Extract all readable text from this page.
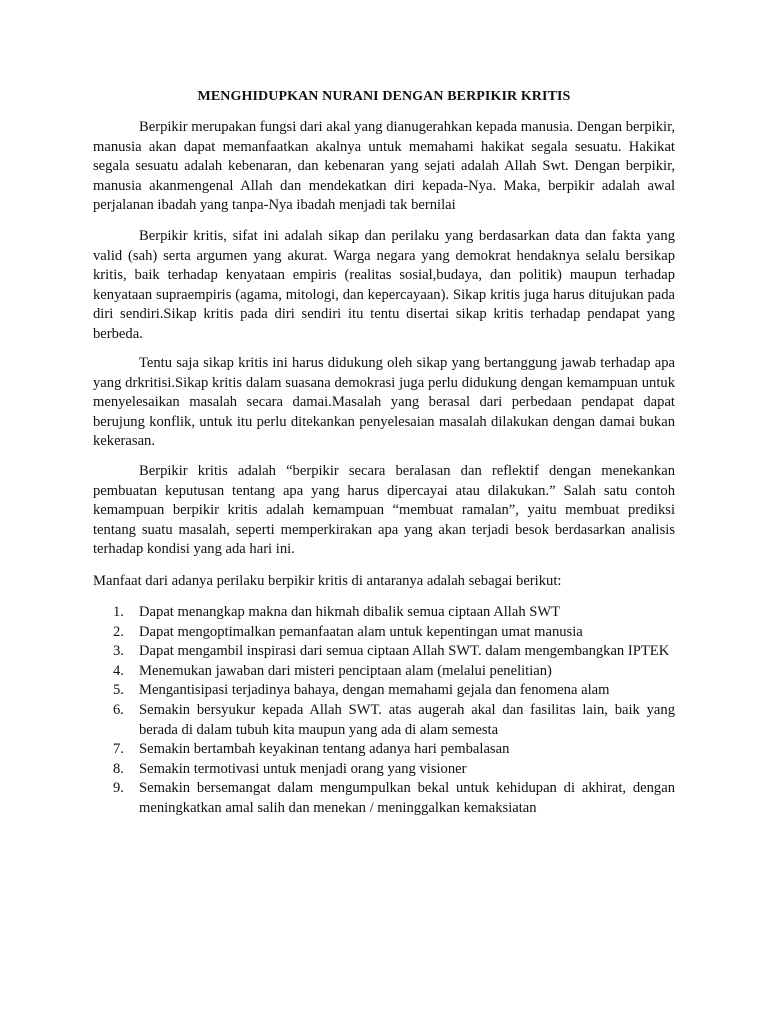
MENGHIDUPKAN NURANI DENGAN BERPIKIR KRITIS

Berpikir merupakan fungsi dari akal yang dianugerahkan kepada manusia. Dengan berpikir, manusia akan dapat memanfaatkan akalnya untuk memahami hakikat segala sesuatu. Hakikat segala sesuatu adalah kebenaran, dan kebenaran yang sejati adalah Allah Swt. Dengan berpikir, manusia akanmengenal Allah dan mendekatkan diri kepada-Nya. Maka, berpikir adalah awal perjalanan ibadah yang tanpa-Nya ibadah menjadi tak bernilai

Berpikir kritis, sifat ini adalah sikap dan perilaku yang berdasarkan data dan fakta yang valid (sah) serta argumen yang akurat. Warga negara yang demokrat hendaknya selalu bersikap kritis, baik terhadap kenyataan empiris (realitas sosial,budaya, dan politik) maupun terhadap kenyataan supraempiris (agama, mitologi, dan kepercayaan). Sikap kritis juga harus ditujukan pada diri sendiri.Sikap kritis pada diri sendiri itu tentu disertai sikap kritis terhadap pendapat yang berbeda.

Tentu saja sikap kritis ini harus didukung oleh sikap yang bertanggung jawab terhadap apa yang drkritisi.Sikap kritis dalam suasana demokrasi juga perlu didukung dengan kemampuan untuk menyelesaikan masalah secara damai.Masalah yang berasal dari perbedaan pendapat dapat berujung konflik, untuk itu perlu ditekankan penyelesaian masalah dilakukan dengan damai bukan kekerasan.

Berpikir kritis adalah “berpikir secara beralasan dan reflektif dengan menekankan pembuatan keputusan tentang apa yang harus dipercayai atau dilakukan.” Salah satu contoh kemampuan berpikir kritis adalah kemampuan “membuat ramalan”, yaitu membuat prediksi tentang suatu masalah, seperti memperkirakan apa yang akan terjadi besok berdasarkan analisis terhadap kondisi yang ada hari ini.

Manfaat dari adanya perilaku berpikir kritis di antaranya adalah sebagai berikut:

1. Dapat menangkap makna dan hikmah dibalik semua ciptaan Allah SWT
2. Dapat mengoptimalkan pemanfaatan alam untuk kepentingan umat manusia
3. Dapat mengambil inspirasi dari semua ciptaan Allah SWT. dalam mengembangkan IPTEK
4. Menemukan jawaban dari misteri penciptaan alam (melalui penelitian)
5. Mengantisipasi terjadinya bahaya, dengan memahami gejala dan fenomena alam
6. Semakin bersyukur kepada Allah SWT. atas augerah akal dan fasilitas lain, baik yang berada di dalam tubuh kita maupun yang ada di alam semesta
7. Semakin bertambah keyakinan tentang adanya hari pembalasan
8. Semakin termotivasi untuk menjadi orang yang visioner
9. Semakin bersemangat dalam mengumpulkan bekal untuk kehidupan di akhirat, dengan meningkatkan amal salih dan menekan / meninggalkan kemaksiatan
